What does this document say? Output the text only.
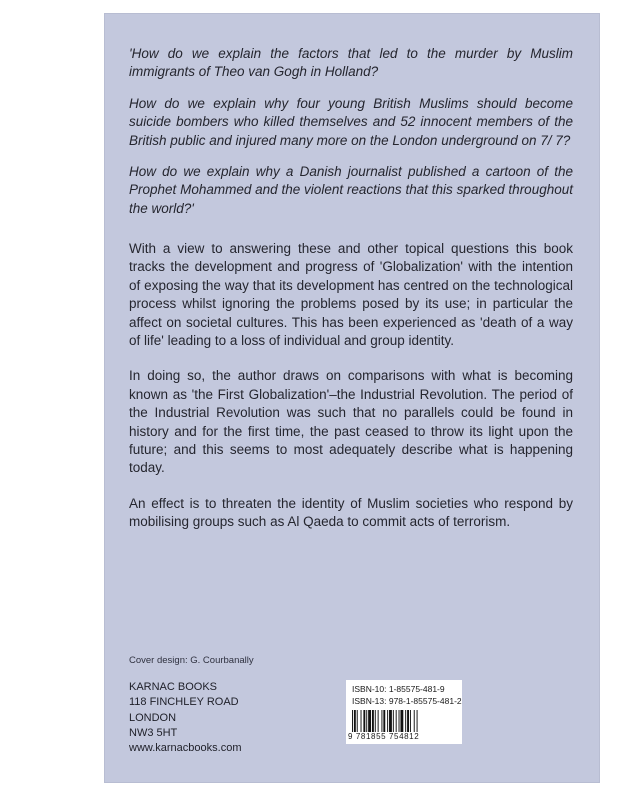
'How do we explain the factors that led to the murder by Muslim immigrants of Theo van Gogh in Holland?

How do we explain why four young British Muslims should become suicide bombers who killed themselves and 52 innocent members of the British public and injured many more on the London underground on 7/ 7?

How do we explain why a Danish journalist published a cartoon of the Prophet Mohammed and the violent reactions that this sparked throughout the world?'

With a view to answering these and other topical questions this book tracks the development and progress of 'Globalization' with the intention of exposing the way that its development has centred on the technological process whilst ignoring the problems posed by its use; in particular the affect on societal cultures. This has been experienced as 'death of a way of life' leading to a loss of individual and group identity.

In doing so, the author draws on comparisons with what is becoming known as 'the First Globalization'–the Industrial Revolution. The period of the Industrial Revolution was such that no parallels could be found in history and for the first time, the past ceased to throw its light upon the future; and this seems to most adequately describe what is happening today.

An effect is to threaten the identity of Muslim societies who respond by mobilising groups such as Al Qaeda to commit acts of terrorism.

Cover design: G. Courbanally
KARNAC BOOKS
118 FINCHLEY ROAD
LONDON
NW3 5HT
www.karnacbooks.com
ISBN-10: 1-85575-481-9
ISBN-13: 978-1-85575-481-2
9 781855 754812
